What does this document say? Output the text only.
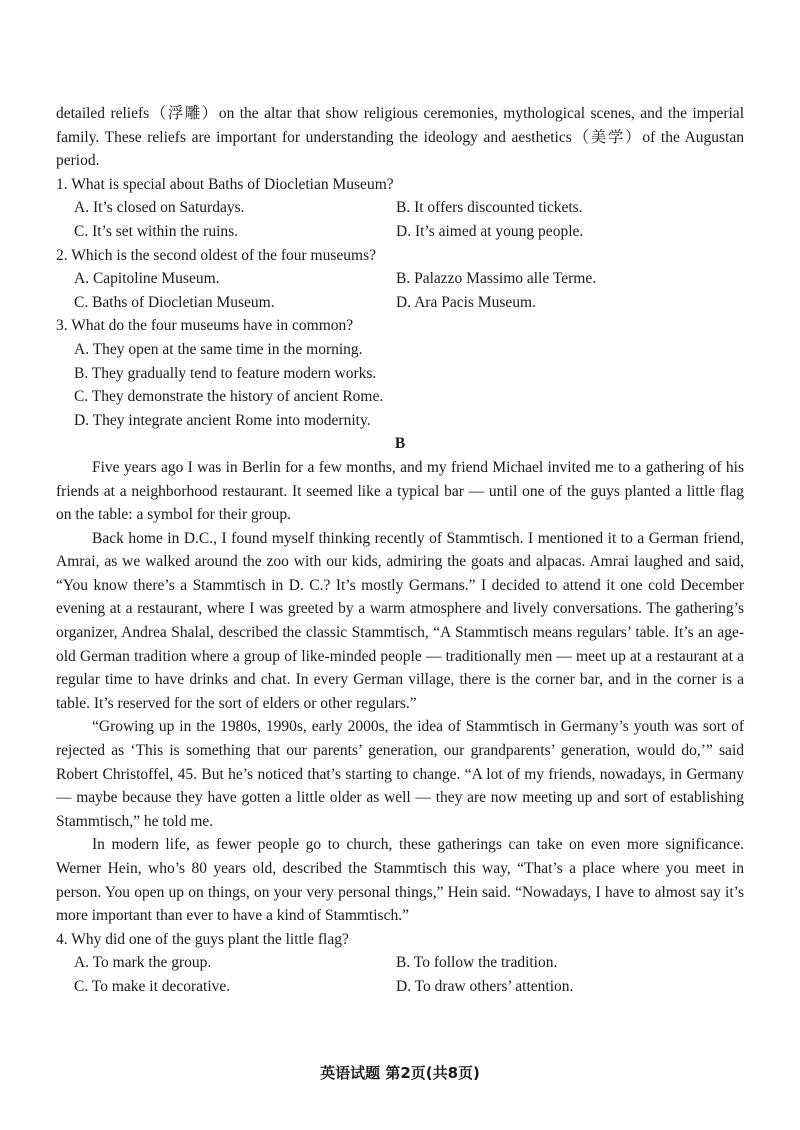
detailed reliefs（浮雕）on the altar that show religious ceremonies, mythological scenes, and the imperial family. These reliefs are important for understanding the ideology and aesthetics（美学）of the Augustan period.

1. What is special about Baths of Diocletian Museum?

A. It’s closed on Saturdays.	B. It offers discounted tickets.
C. It’s set within the ruins.	D. It’s aimed at young people.

2. Which is the second oldest of the four museums?

A. Capitoline Museum.	B. Palazzo Massimo alle Terme.
C. Baths of Diocletian Museum.	D. Ara Pacis Museum.

3. What do the four museums have in common?

A. They open at the same time in the morning.
B. They gradually tend to feature modern works.
C. They demonstrate the history of ancient Rome.
D. They integrate ancient Rome into modernity.

B

Five years ago I was in Berlin for a few months, and my friend Michael invited me to a gathering of his friends at a neighborhood restaurant. It seemed like a typical bar — until one of the guys planted a little flag on the table: a symbol for their group.

Back home in D.C., I found myself thinking recently of Stammtisch. I mentioned it to a German friend, Amrai, as we walked around the zoo with our kids, admiring the goats and alpacas. Amrai laughed and said, “You know there’s a Stammtisch in D. C.? It’s mostly Germans.” I decided to attend it one cold December evening at a restaurant, where I was greeted by a warm atmosphere and lively conversations. The gathering’s organizer, Andrea Shalal, described the classic Stammtisch, “A Stammtisch means regulars’ table. It’s an age-old German tradition where a group of like-minded people — traditionally men — meet up at a restaurant at a regular time to have drinks and chat. In every German village, there is the corner bar, and in the corner is a table. It’s reserved for the sort of elders or other regulars.”

“Growing up in the 1980s, 1990s, early 2000s, the idea of Stammtisch in Germany’s youth was sort of rejected as ‘This is something that our parents’ generation, our grandparents’ generation, would do,’” said Robert Christoffel, 45. But he’s noticed that’s starting to change. “A lot of my friends, nowadays, in Germany — maybe because they have gotten a little older as well — they are now meeting up and sort of establishing Stammtisch,” he told me.

In modern life, as fewer people go to church, these gatherings can take on even more significance. Werner Hein, who’s 80 years old, described the Stammtisch this way, “That’s a place where you meet in person. You open up on things, on your very personal things,” Hein said. “Nowadays, I have to almost say it’s more important than ever to have a kind of Stammtisch.”

4. Why did one of the guys plant the little flag?

A. To mark the group.	B. To follow the tradition.
C. To make it decorative.	D. To draw others’ attention.
英语试题 第2页(共8页)
